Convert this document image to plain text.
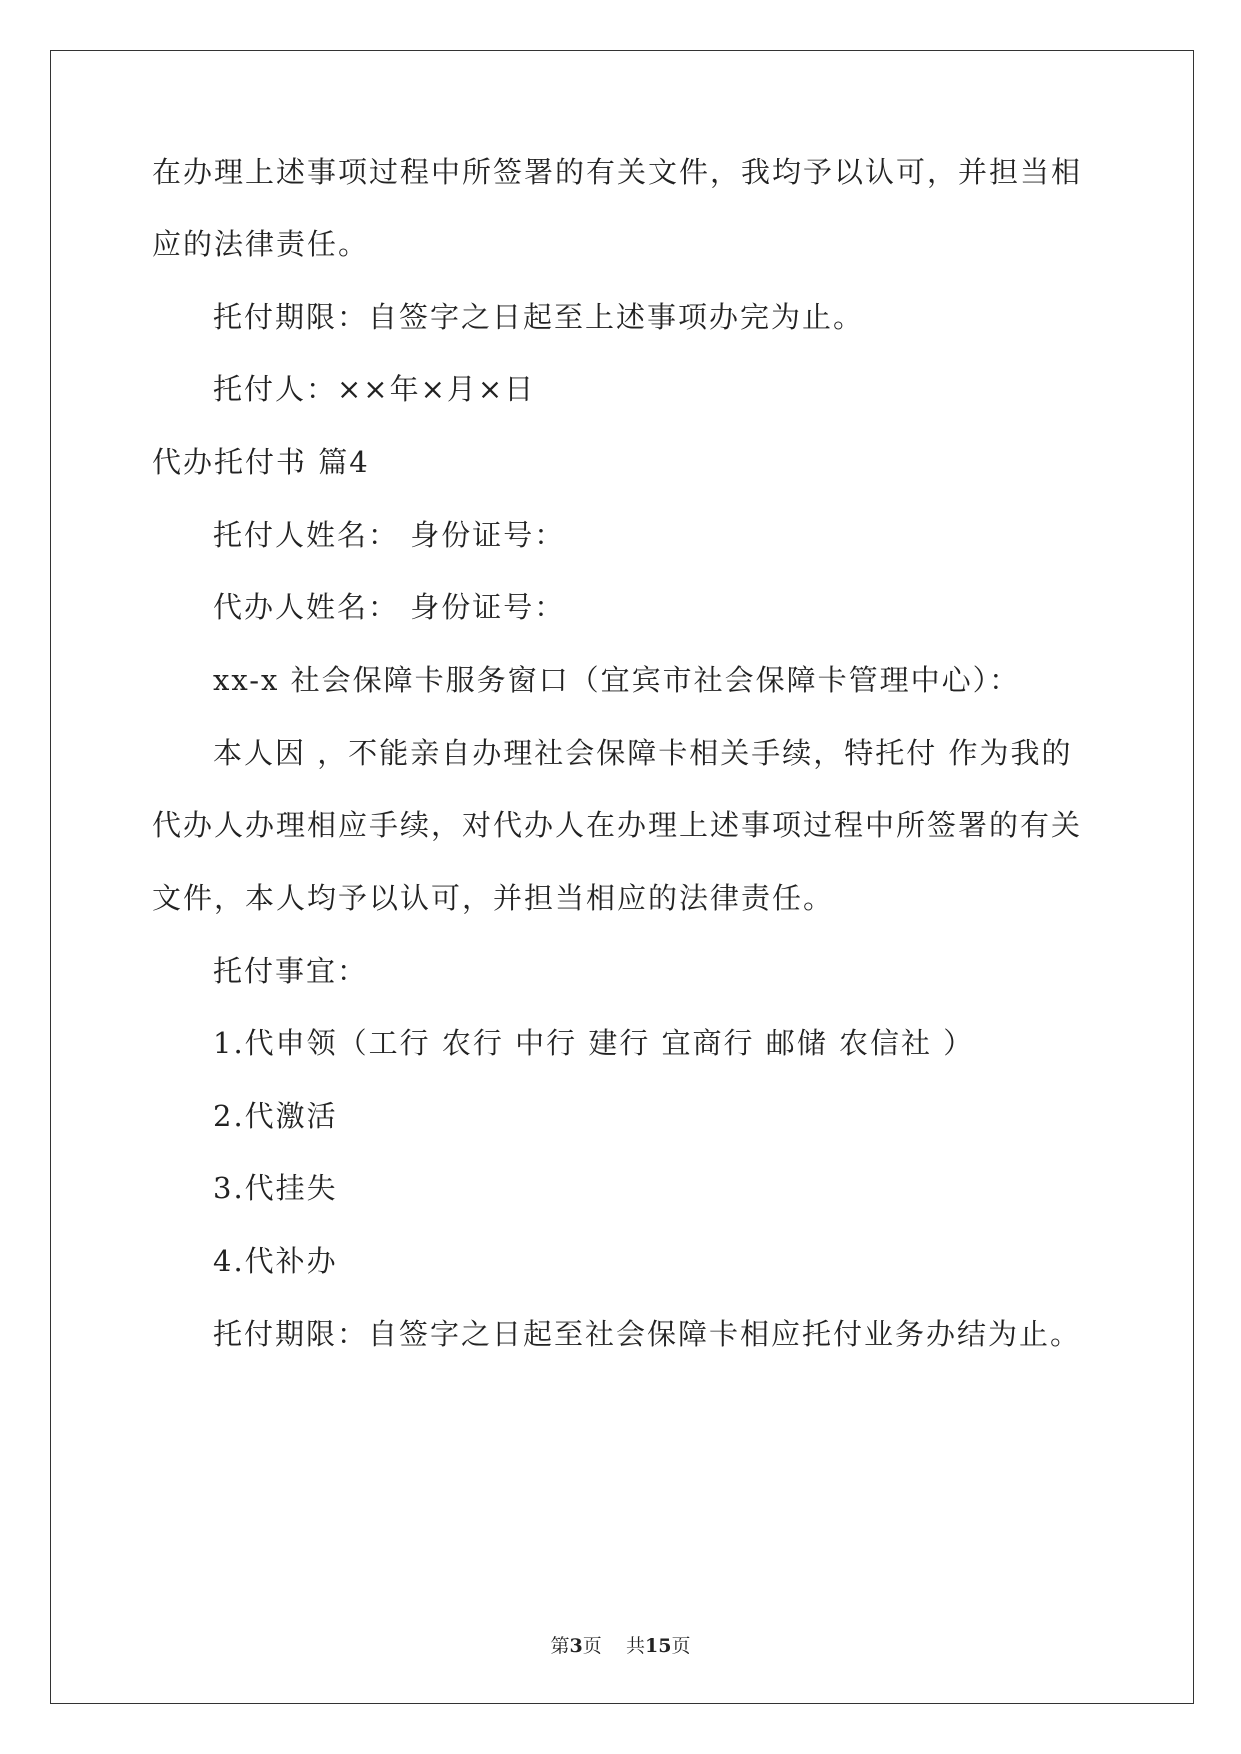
在办理上述事项过程中所签署的有关文件，我均予以认可，并担当相
应的法律责任。
托付期限：自签字之日起至上述事项办完为止。
托付人：××年×月×日
代办托付书 篇4
托付人姓名： 身份证号：
代办人姓名： 身份证号：
xx-x 社会保障卡服务窗口（宜宾市社会保障卡管理中心）：
本人因 ，不能亲自办理社会保障卡相关手续，特托付 作为我的
代办人办理相应手续，对代办人在办理上述事项过程中所签署的有关
文件，本人均予以认可，并担当相应的法律责任。
托付事宜：
1.代申领（工行 农行 中行 建行 宜商行 邮储 农信社 ）
2.代激活
3.代挂失
4.代补办
托付期限：自签字之日起至社会保障卡相应托付业务办结为止。
第3页 共15页
